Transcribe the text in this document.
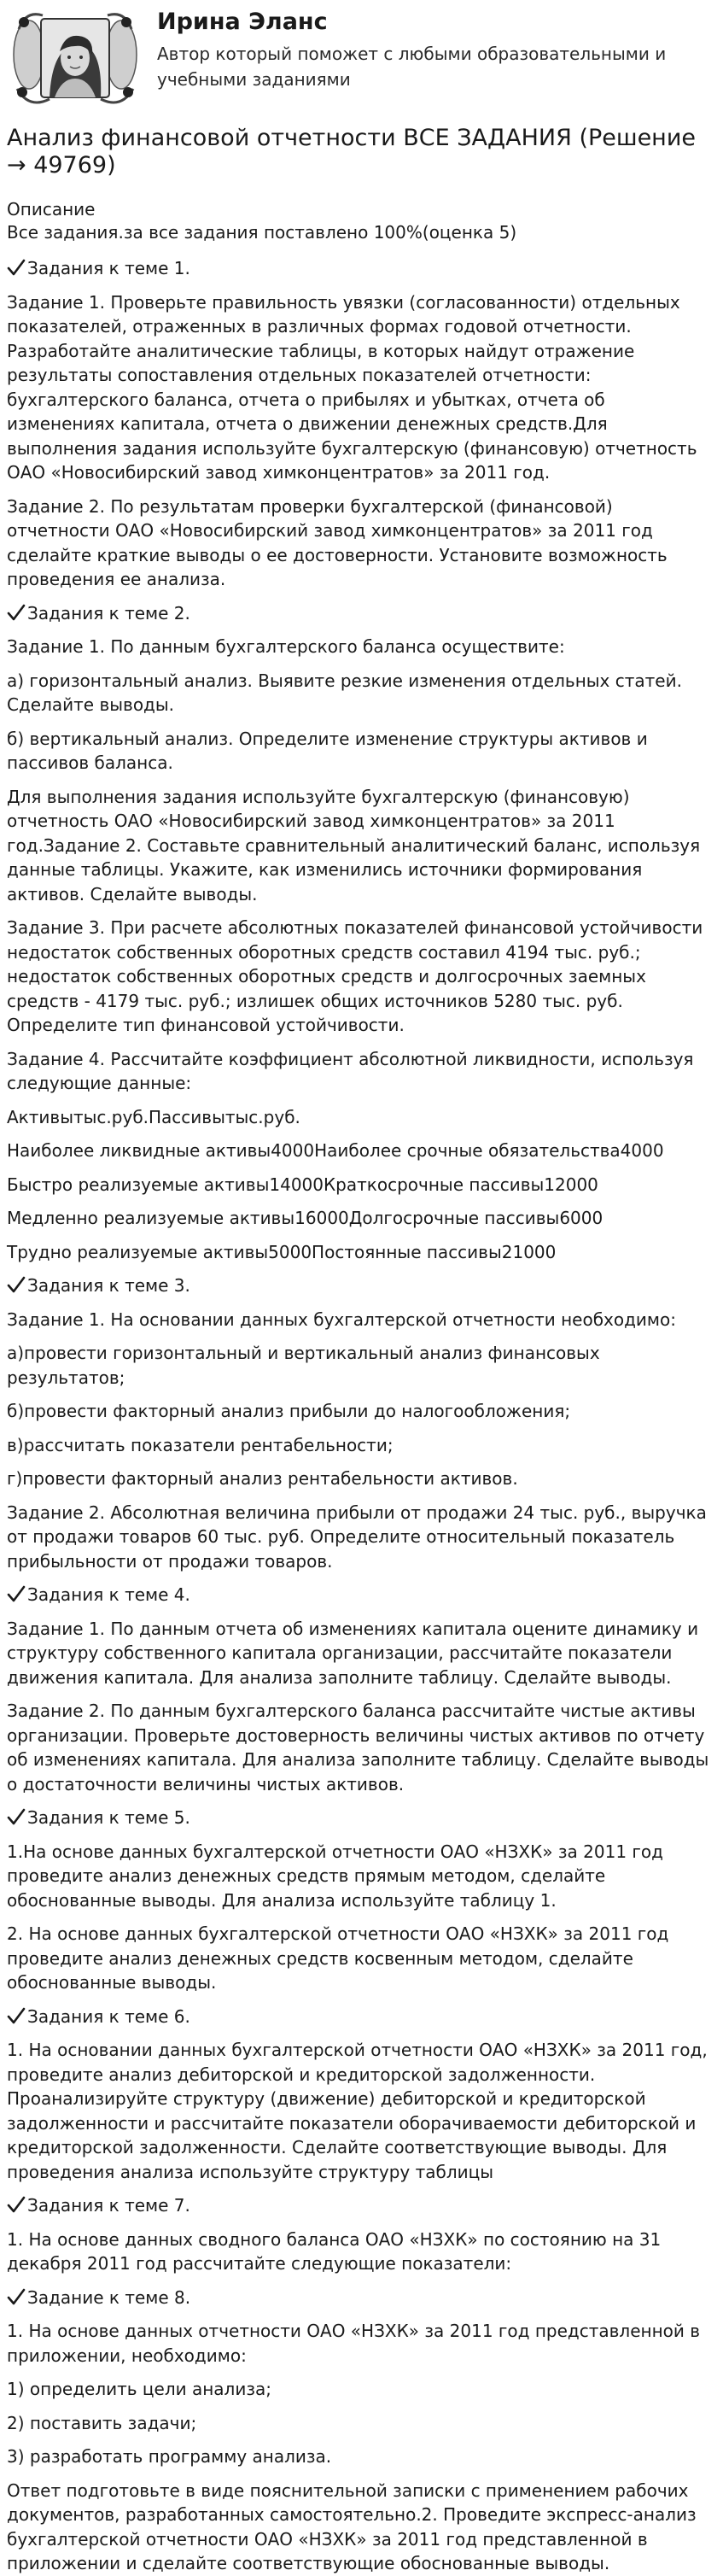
Ирина Эланс
Автор который поможет с любыми образовательными и учебными заданиями
Анализ финансовой отчетности ВСЕ ЗАДАНИЯ (Решение → 49769)

Описание

Все задания.за все задания поставлено 100%(оценка 5)

Задания к теме 1.

Задание 1. Проверьте правильность увязки (согласованности) отдельных показателей, отраженных в различных формах годовой отчетности. Разработайте аналитические таблицы, в которых найдут отражение результаты сопоставления отдельных показателей отчетности: бухгалтерского баланса, отчета о прибылях и убытках, отчета об изменениях капитала, отчета о движении денежных средств.Для выполнения задания используйте бухгалтерскую (финансовую) отчетность ОАО «Новосибирский завод химконцентратов» за 2011 год.

Задание 2. По результатам проверки бухгалтерской (финансовой) отчетности ОАО «Новосибирский завод химконцентратов» за 2011 год сделайте краткие выводы о ее достоверности. Установите возможность проведения ее анализа.

Задания к теме 2.

Задание 1. По данным бухгалтерского баланса осуществите:

а) горизонтальный анализ. Выявите резкие изменения отдельных статей. Сделайте выводы.

б) вертикальный анализ. Определите изменение структуры активов и пассивов баланса.

Для выполнения задания используйте бухгалтерскую (финансовую) отчетность ОАО «Новосибирский завод химконцентратов» за 2011 год.Задание 2. Составьте сравнительный аналитический баланс, используя данные таблицы. Укажите, как изменились источники формирования активов. Сделайте выводы.

Задание 3. При расчете абсолютных показателей финансовой устойчивости недостаток собственных оборотных средств составил 4194 тыс. руб.; недостаток собственных оборотных средств и долгосрочных заемных средств - 4179 тыс. руб.; излишек общих источников 5280 тыс. руб. Определите тип финансовой устойчивости.

Задание 4. Рассчитайте коэффициент абсолютной ликвидности, используя следующие данные:

Активытыс.руб.Пассивытыс.руб.

Наиболее ликвидные активы4000Наиболее срочные обязательства4000

Быстро реализуемые активы14000Краткосрочные пассивы12000

Медленно реализуемые активы16000Долгосрочные пассивы6000

Трудно реализуемые активы5000Постоянные пассивы21000

Задания к теме 3.

Задание 1. На основании данных бухгалтерской отчетности необходимо:

а)провести горизонтальный и вертикальный анализ финансовых результатов;

б)провести факторный анализ прибыли до налогообложения;

в)рассчитать показатели рентабельности;

г)провести факторный анализ рентабельности активов.

Задание 2. Абсолютная величина прибыли от продажи 24 тыс. руб., выручка от продажи товаров 60 тыс. руб. Определите относительный показатель прибыльности от продажи товаров.

Задания к теме 4.

Задание 1. По данным отчета об изменениях капитала оцените динамику и структуру собственного капитала организации, рассчитайте показатели движения капитала. Для анализа заполните таблицу. Сделайте выводы.

Задание 2. По данным бухгалтерского баланса рассчитайте чистые активы организации. Проверьте достоверность величины чистых активов по отчету об изменениях капитала. Для анализа заполните таблицу. Сделайте выводы о достаточности величины чистых активов.

Задания к теме 5.

1.На основе данных бухгалтерской отчетности ОАО «НЗХК» за 2011 год проведите анализ денежных средств прямым методом, сделайте обоснованные выводы. Для анализа используйте таблицу 1.

2. На основе данных бухгалтерской отчетности ОАО «НЗХК» за 2011 год проведите анализ денежных средств косвенным методом, сделайте обоснованные выводы.

Задания к теме 6.

1. На основании данных бухгалтерской отчетности ОАО «НЗХК» за 2011 год, проведите анализ дебиторской и кредиторской задолженности. Проанализируйте структуру (движение) дебиторской и кредиторской задолженности и рассчитайте показатели оборачиваемости дебиторской и кредиторской задолженности. Сделайте соответствующие выводы. Для проведения анализа используйте структуру таблицы

Задания к теме 7.

1. На основе данных сводного баланса ОАО «НЗХК» по состоянию на 31 декабря 2011 год рассчитайте следующие показатели:

Задание к теме 8.

1. На основе данных отчетности ОАО «НЗХК» за 2011 год представленной в приложении, необходимо:

1) определить цели анализа;

2) поставить задачи;

3) разработать программу анализа.

Ответ подготовьте в виде пояснительной записки с применением рабочих документов, разработанных самостоятельно.2. Проведите экспресс-анализ бухгалтерской отчетности ОАО «НЗХК» за 2011 год представленной в приложении и сделайте соответствующие обоснованные выводы.
